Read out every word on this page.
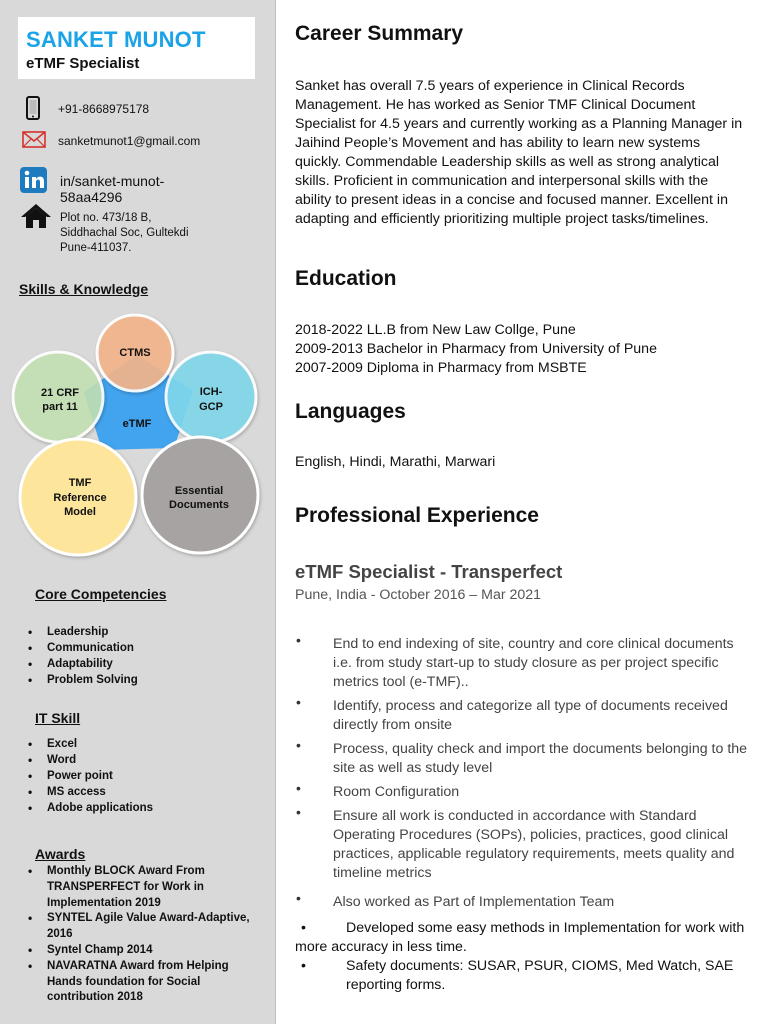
SANKET MUNOT
eTMF Specialist
+91-8668975178
sanketmunot1@gmail.com
in/sanket-munot-
58aa4296
Plot no. 473/18 B,
Siddhachal Soc, Gultekdi
Pune-411037.
Skills & Knowledge
eTMF
CTMS
ICH-
GCP
Essential
Documents
TMF
Reference
Model
21 CRF
part 11
Core Competencies
• Leadership
• Communication
• Adaptability
• Problem Solving
IT Skill
• Excel
• Word
• Power point
• MS access
• Adobe applications
Awards
• Monthly BLOCK Award From TRANSPERFECT for Work in Implementation 2019
• SYNTEL Agile Value Award-Adaptive, 2016
• Syntel Champ 2014
• NAVARATNA Award from Helping Hands foundation for Social contribution 2018
Career Summary
Sanket has overall 7.5 years of experience in Clinical Records Management. He has worked as Senior TMF Clinical Document Specialist for 4.5 years and currently working as a Planning Manager in Jaihind People’s Movement and has ability to learn new systems quickly. Commendable Leadership skills as well as strong analytical skills. Proficient in communication and interpersonal skills with the ability to present ideas in a concise and focused manner. Excellent in adapting and efficiently prioritizing multiple project tasks/timelines.
Education
2018-2022 LL.B from New Law Collge, Pune
2009-2013 Bachelor in Pharmacy from University of Pune
2007-2009 Diploma in Pharmacy from MSBTE
Languages
English, Hindi, Marathi, Marwari
Professional Experience
eTMF Specialist - Transperfect
Pune, India - October 2016 – Mar 2021
• End to end indexing of site, country and core clinical documents i.e. from study start-up to study closure as per project specific metrics tool (e-TMF)..
• Identify, process and categorize all type of documents received directly from onsite
• Process, quality check and import the documents belonging to the site as well as study level
• Room Configuration
• Ensure all work is conducted in accordance with Standard Operating Procedures (SOPs), policies, practices, good clinical practices, applicable regulatory requirements, meets quality and timeline metrics
• Also worked as Part of Implementation Team
•	Developed some easy methods in Implementation for work with more accuracy in less time.
•	Safety documents: SUSAR, PSUR, CIOMS, Med Watch, SAE
reporting forms.
